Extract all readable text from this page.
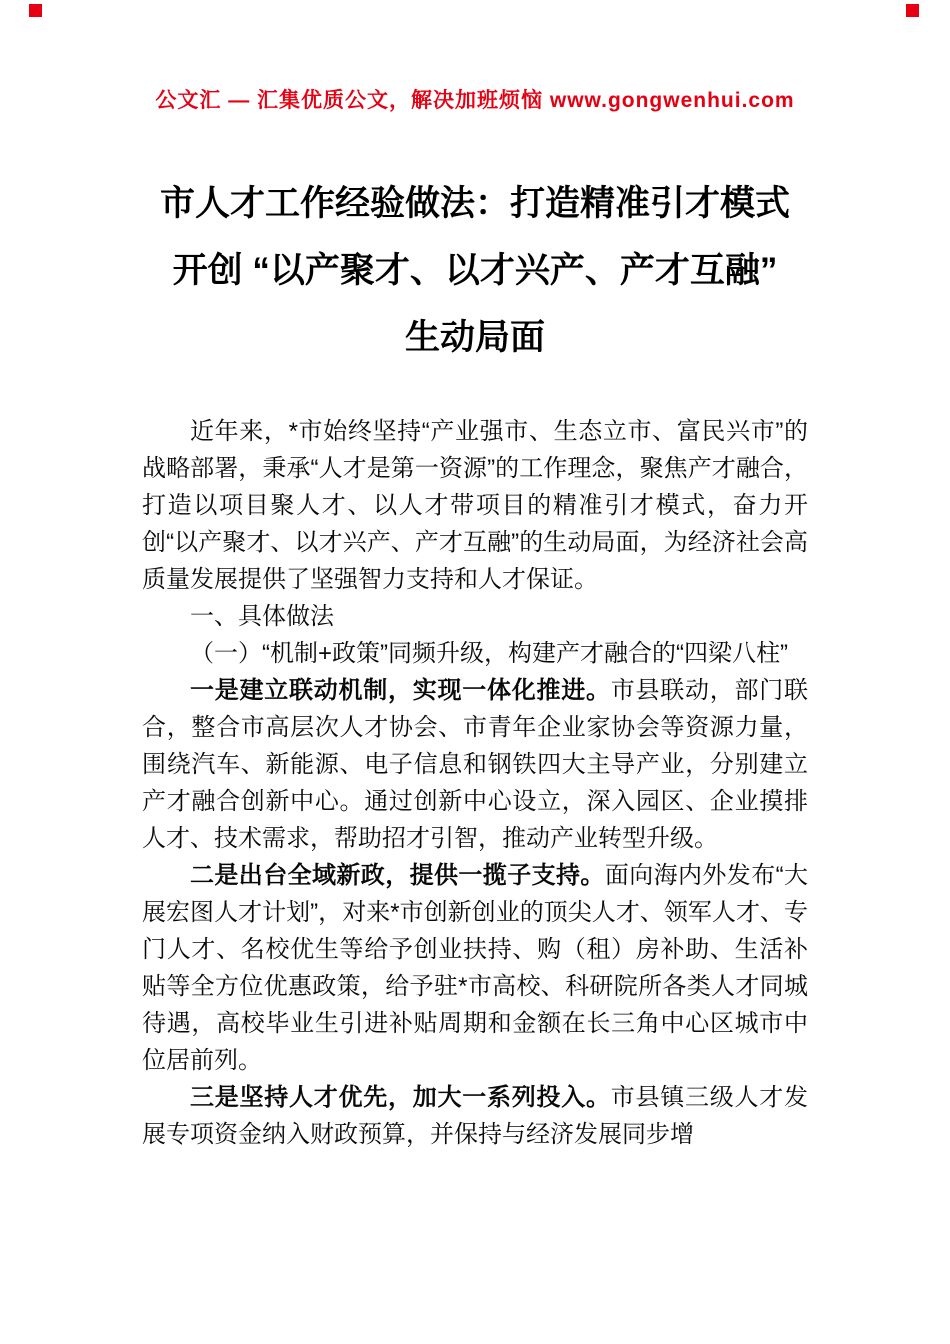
公文汇 — 汇集优质公文，解决加班烦恼 www.gongwenhui.com
市人才工作经验做法：打造精准引才模式
开创 “以产聚才、以才兴产、产才互融”
生动局面

近年来，*市始终坚持“产业强市、生态立市、富民兴市”的战略部署，秉承“人才是第一资源”的工作理念，聚焦产才融合，打造以项目聚人才、以人才带项目的精准引才模式，奋力开创“以产聚才、以才兴产、产才互融”的生动局面，为经济社会高质量发展提供了坚强智力支持和人才保证。

一、具体做法

（一）“机制+政策”同频升级，构建产才融合的“四梁八柱”

一是建立联动机制，实现一体化推进。市县联动，部门联合，整合市高层次人才协会、市青年企业家协会等资源力量，围绕汽车、新能源、电子信息和钢铁四大主导产业，分别建立产才融合创新中心。通过创新中心设立，深入园区、企业摸排人才、技术需求，帮助招才引智，推动产业转型升级。

二是出台全域新政，提供一揽子支持。面向海内外发布“大展宏图人才计划”，对来*市创新创业的顶尖人才、领军人才、专门人才、名校优生等给予创业扶持、购（租）房补助、生活补贴等全方位优惠政策，给予驻*市高校、科研院所各类人才同城待遇，高校毕业生引进补贴周期和金额在长三角中心区城市中位居前列。

三是坚持人才优先，加大一系列投入。市县镇三级人才发展专项资金纳入财政预算，并保持与经济发展同步增
